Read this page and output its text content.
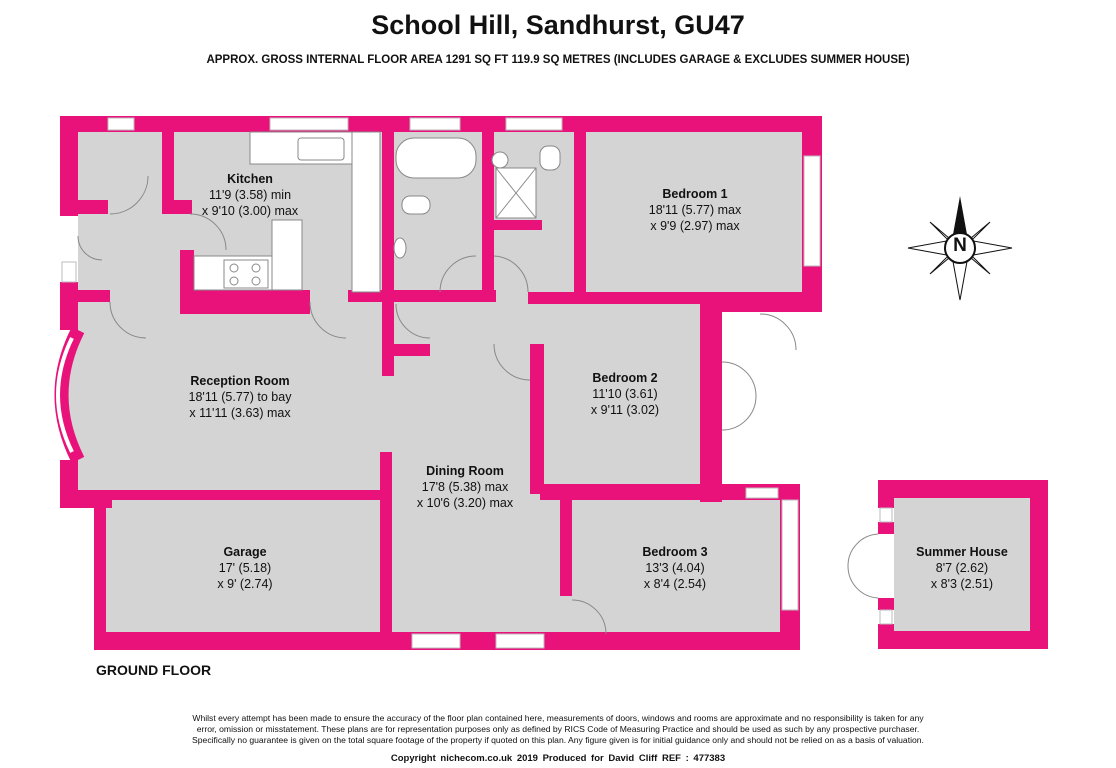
School Hill, Sandhurst, GU47
APPROX. GROSS INTERNAL FLOOR AREA 1291 SQ FT 119.9 SQ METRES (INCLUDES GARAGE & EXCLUDES SUMMER HOUSE)
N
Kitchen
11'9 (3.58) min
x 9'10 (3.00) max
Bedroom 1
18'11 (5.77) max
x 9'9 (2.97) max
Reception Room
18'11 (5.77) to bay
x 11'11 (3.63) max
Bedroom 2
11'10 (3.61)
x 9'11 (3.02)
Dining Room
17'8 (5.38) max
x 10'6 (3.20) max
Garage
17' (5.18)
x 9' (2.74)
Bedroom 3
13'3 (4.04)
x 8'4 (2.54)
Summer House
8'7 (2.62)
x 8'3 (2.51)
GROUND FLOOR
Whilst every attempt has been made to ensure the accuracy of the floor plan contained here, measurements of doors, windows and rooms are approximate and no responsibility is taken for any
error, omission or misstatement. These plans are for representation purposes only as defined by RICS Code of Measuring Practice and should be used as such by any prospective purchaser.
Specifically no guarantee is given on the total square footage of the property if quoted on this plan. Any figure given is for initial guidance only and should not be relied on as a basis of valuation.
Copyright nichecom.co.uk 2019 Produced for David Cliff REF : 477383
